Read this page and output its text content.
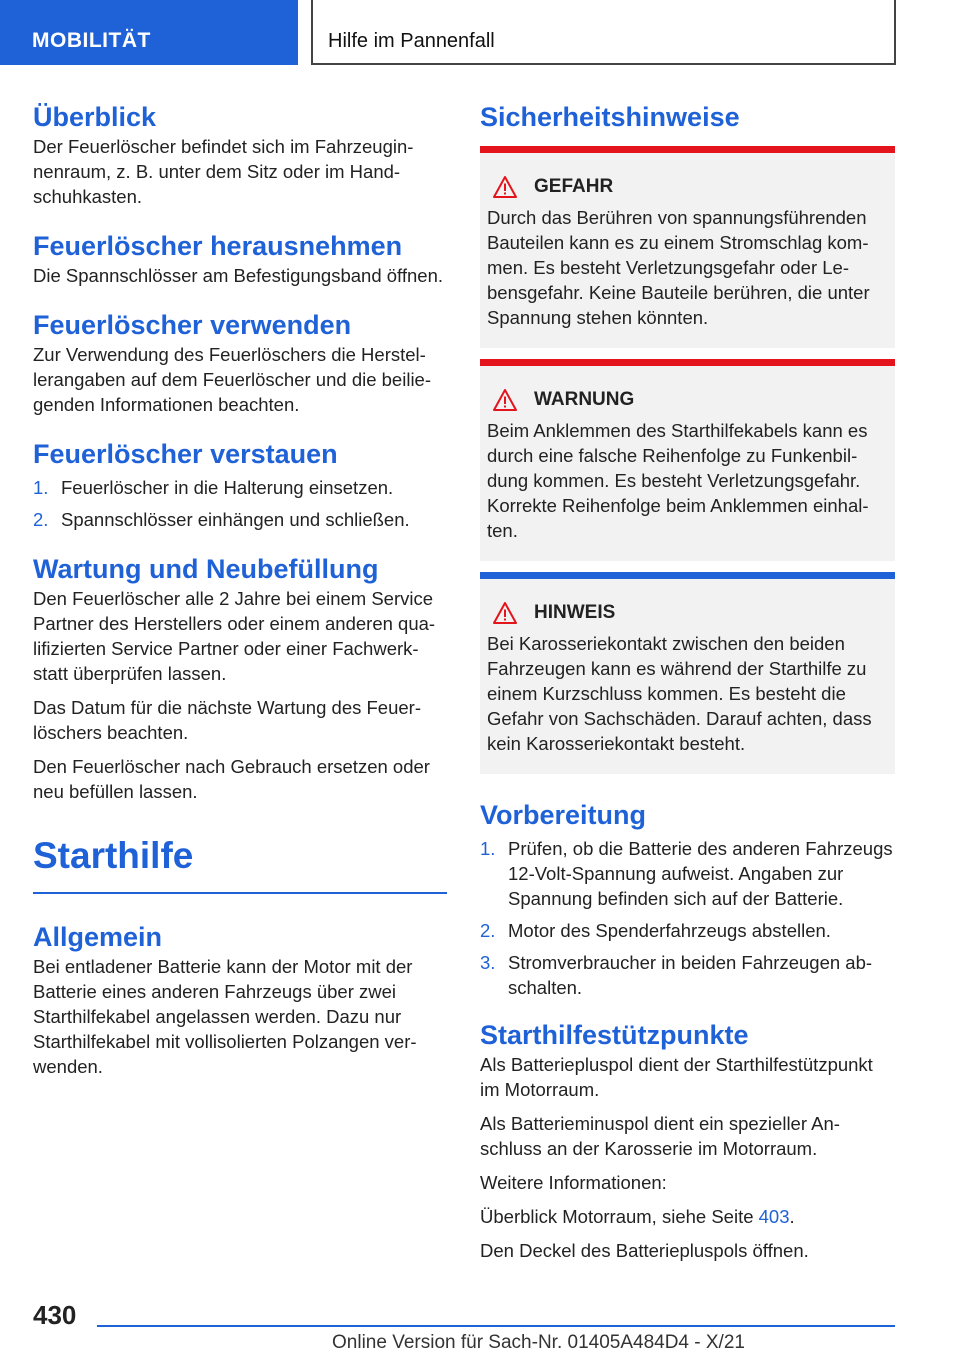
MOBILITÄT	Hilfe im Pannenfall
Überblick

Der Feuerlöscher befindet sich im Fahrzeuginnenraum, z. B. unter dem Sitz oder im Handschuhkasten.

Feuerlöscher herausnehmen

Die Spannschlösser am Befestigungsband öffnen.

Feuerlöscher verwenden

Zur Verwendung des Feuerlöschers die Herstellerangaben auf dem Feuerlöscher und die beiliegenden Informationen beachten.

Feuerlöscher verstauen
1. Feuerlöscher in die Halterung einsetzen.
2. Spannschlösser einhängen und schließen.
Wartung und Neubefüllung

Den Feuerlöscher alle 2 Jahre bei einem Service Partner des Herstellers oder einem anderen qualifizierten Service Partner oder einer Fachwerkstatt überprüfen lassen.

Das Datum für die nächste Wartung des Feuerlöschers beachten.

Den Feuerlöscher nach Gebrauch ersetzen oder neu befüllen lassen.

Starthilfe
Allgemein

Bei entladener Batterie kann der Motor mit der Batterie eines anderen Fahrzeugs über zwei Starthilfekabel angelassen werden. Dazu nur Starthilfekabel mit vollisolierten Polzangen verwenden.

Sicherheitshinweise
GEFAHR

Durch das Berühren von spannungsführenden Bauteilen kann es zu einem Stromschlag kommen. Es besteht Verletzungsgefahr oder Lebensgefahr. Keine Bauteile berühren, die unter Spannung stehen könnten.

WARNUNG

Beim Anklemmen des Starthilfekabels kann es durch eine falsche Reihenfolge zu Funkenbildung kommen. Es besteht Verletzungsgefahr. Korrekte Reihenfolge beim Anklemmen einhalten.

HINWEIS

Bei Karosseriekontakt zwischen den beiden Fahrzeugen kann es während der Starthilfe zu einem Kurzschluss kommen. Es besteht die Gefahr von Sachschäden. Darauf achten, dass kein Karosseriekontakt besteht.

Vorbereitung
1. Prüfen, ob die Batterie des anderen Fahrzeugs 12-Volt-Spannung aufweist. Angaben zur Spannung befinden sich auf der Batterie.
2. Motor des Spenderfahrzeugs abstellen.
3. Stromverbraucher in beiden Fahrzeugen abschalten.
Starthilfestützpunkte

Als Batteriepluspol dient der Starthilfestützpunkt im Motorraum.

Als Batterieminuspol dient ein spezieller Anschluss an der Karosserie im Motorraum.

Weitere Informationen:

Überblick Motorraum, siehe Seite 403.

Den Deckel des Batteriepluspols öffnen.

430
Online Version für Sach-Nr. 01405A484D4 - X/21
